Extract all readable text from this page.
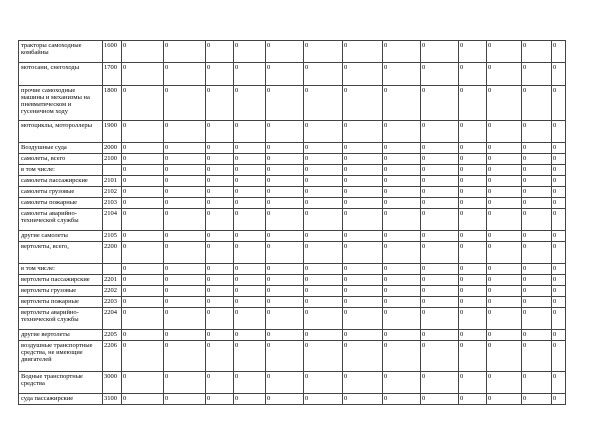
тракторы самоходные комбайны	1600	0	0	0	0	0	0	0	0	0	0	0	0	0
мотосани, снегоходы	1700	0	0	0	0	0	0	0	0	0	0	0	0	0
прочие самоходные машины и механизмы на пневматическом и гусеничном ходу	1800	0	0	0	0	0	0	0	0	0	0	0	0	0
мотоциклы, мотороллеры	1900	0	0	0	0	0	0	0	0	0	0	0	0	0
Воздушные суда	2000	0	0	0	0	0	0	0	0	0	0	0	0	0
самолеты, всего	2100	0	0	0	0	0	0	0	0	0	0	0	0	0
в том числе:		0	0	0	0	0	0	0	0	0	0	0	0	0
самолеты пассажирские	2101	0	0	0	0	0	0	0	0	0	0	0	0	0
самолеты грузовые	2102	0	0	0	0	0	0	0	0	0	0	0	0	0
самолеты пожарные	2103	0	0	0	0	0	0	0	0	0	0	0	0	0
самолеты аварийно-технической службы	2104	0	0	0	0	0	0	0	0	0	0	0	0	0
другие самолеты	2105	0	0	0	0	0	0	0	0	0	0	0	0	0
вертолеты, всего,	2200	0	0	0	0	0	0	0	0	0	0	0	0	0
в том числе:		0	0	0	0	0	0	0	0	0	0	0	0	0
вертолеты пассажирские	2201	0	0	0	0	0	0	0	0	0	0	0	0	0
вертолеты грузовые	2202	0	0	0	0	0	0	0	0	0	0	0	0	0
вертолеты пожарные	2203	0	0	0	0	0	0	0	0	0	0	0	0	0
вертолеты аварийно-технической службы	2204	0	0	0	0	0	0	0	0	0	0	0	0	0
другие вертолеты	2205	0	0	0	0	0	0	0	0	0	0	0	0	0
воздушные транспортные средства, не имеющие двигателей	2206	0	0	0	0	0	0	0	0	0	0	0	0	0
Водные транспортные средства	3000	0	0	0	0	0	0	0	0	0	0	0	0	0
суда пассажирские	3100	0	0	0	0	0	0	0	0	0	0	0	0	0
